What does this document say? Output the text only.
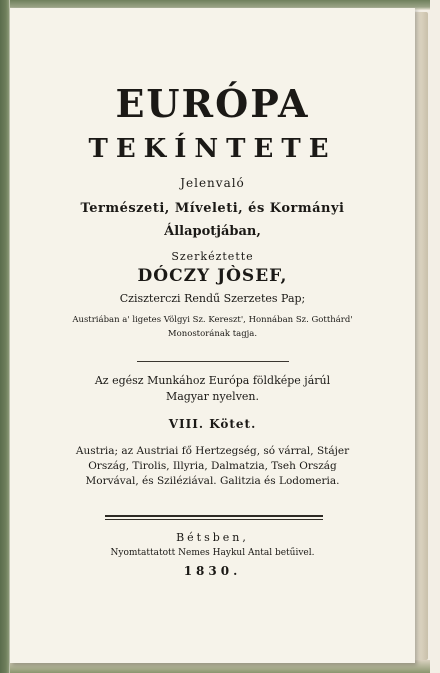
EURÓPA
TEKÍNTETE
Jelenvaló
Természeti, Míveleti, és Kormányi
Állapotjában,
Szerkéztette
DÓCZY JÒSEF,
Cziszterczi Rendű Szerzetes Pap;
Austriában a' ligetes Völgyi Sz. Kereszt', Honnában Sz. Gotthárd'
Monostorának tagja.
Az egész Munkához Európa földképe járúl
Magyar nyelven.
VIII. Kötet.
Austria; az Austriai fő Hertzegség, só várral, Stájer
Ország, Tirolis, Illyria, Dalmatzia, Tseh Ország
Morvával, és Sziléziával. Galitzia és Lodomeria.
Bétsben,
Nyomtattatott Nemes Haykul Antal betűivel.
1830.
